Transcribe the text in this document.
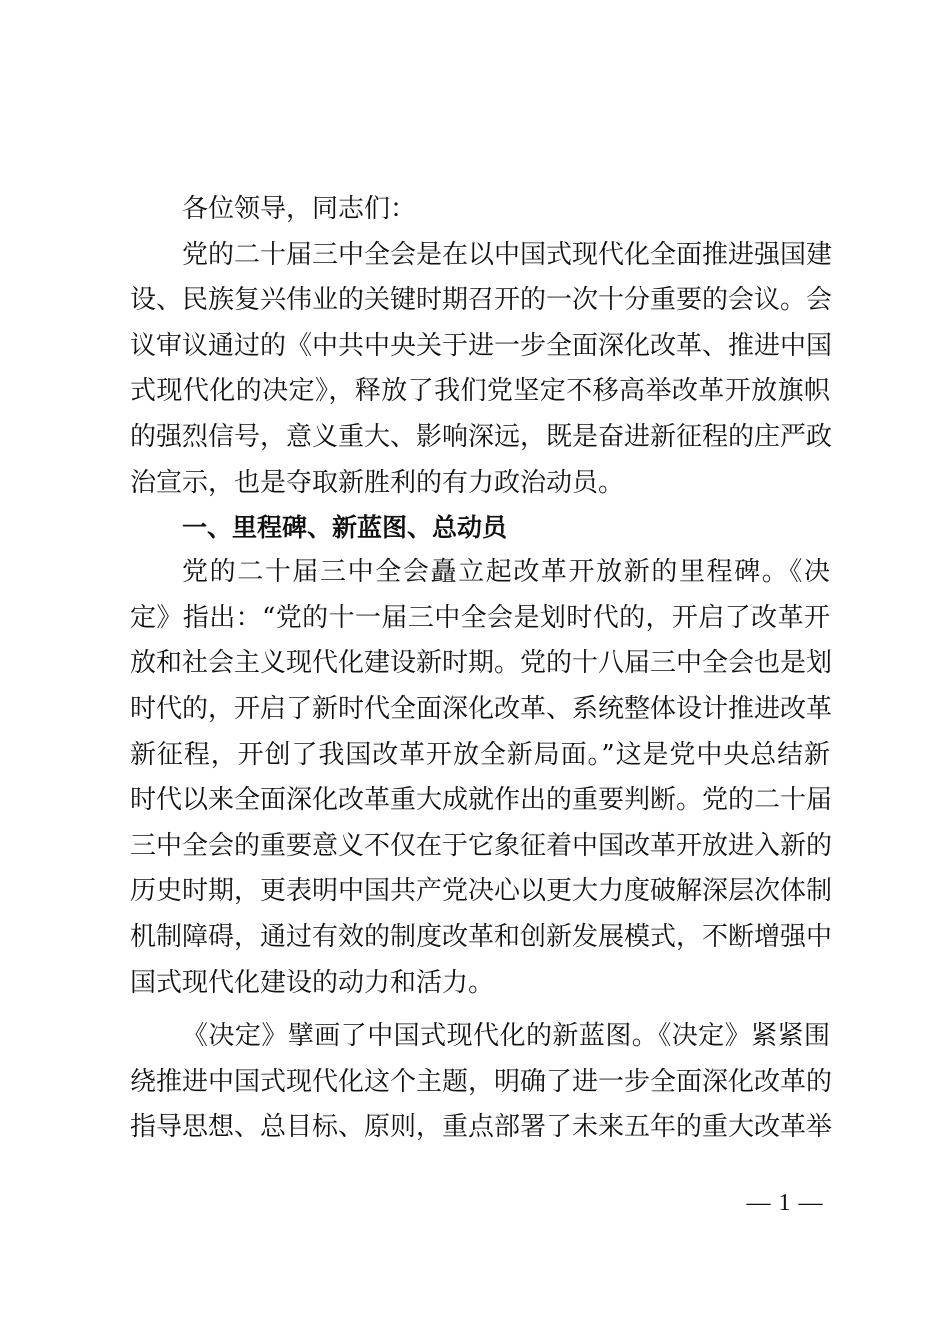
各位领导，同志们：
党的二十届三中全会是在以中国式现代化全面推进强国建
设、民族复兴伟业的关键时期召开的一次十分重要的会议。会
议审议通过的《中共中央关于进一步全面深化改革、推进中国
式现代化的决定》，释放了我们党坚定不移高举改革开放旗帜
的强烈信号，意义重大、影响深远，既是奋进新征程的庄严政
治宣示，也是夺取新胜利的有力政治动员。
一、里程碑、新蓝图、总动员
党的二十届三中全会矗立起改革开放新的里程碑。《决
定》指出：“党的十一届三中全会是划时代的，开启了改革开
放和社会主义现代化建设新时期。党的十八届三中全会也是划
时代的，开启了新时代全面深化改革、系统整体设计推进改革
新征程，开创了我国改革开放全新局面。”这是党中央总结新
时代以来全面深化改革重大成就作出的重要判断。党的二十届
三中全会的重要意义不仅在于它象征着中国改革开放进入新的
历史时期，更表明中国共产党决心以更大力度破解深层次体制
机制障碍，通过有效的制度改革和创新发展模式，不断增强中
国式现代化建设的动力和活力。
《决定》擘画了中国式现代化的新蓝图。《决定》紧紧围
绕推进中国式现代化这个主题，明确了进一步全面深化改革的
指导思想、总目标、原则，重点部署了未来五年的重大改革举
— 1 —
